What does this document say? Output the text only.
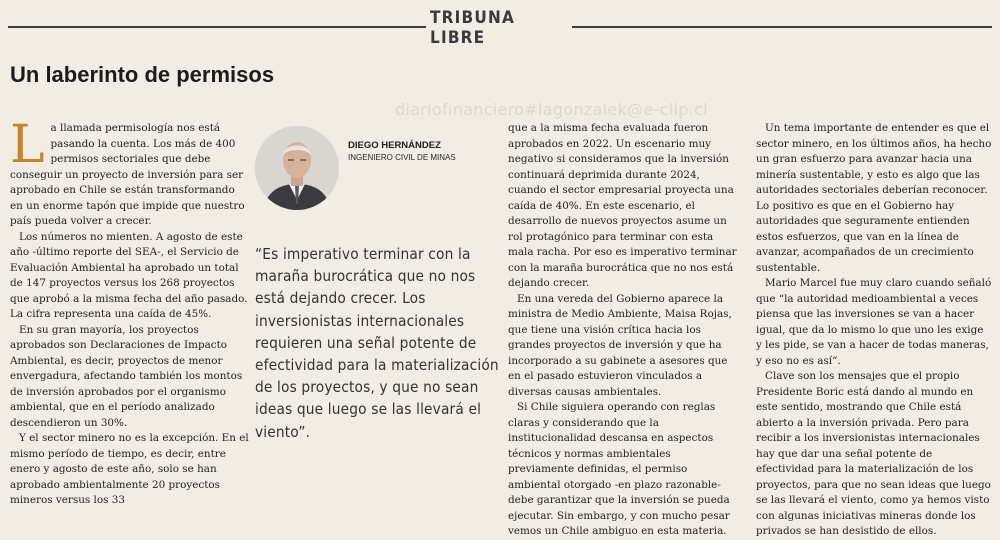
TRIBUNA LIBRE
Un laberinto de permisos
diariofinanciero#lagonzalek@e-clip.cl
L a llamada permisología nos está pasando la cuenta. Los más de 400 permisos sectoriales que debe conseguir un proyecto de inversión para ser aprobado en Chile se están transformando en un enorme tapón que impide que nuestro país pueda volver a crecer.

Los números no mienten. A agosto de este año -último reporte del SEA-, el Servicio de Evaluación Ambiental ha aprobado un total de 147 proyectos versus los 268 proyectos que aprobó a la misma fecha del año pasado. La cifra representa una caída de 45%.

En su gran mayoría, los proyectos aprobados son Declaraciones de Impacto Ambiental, es decir, proyectos de menor envergadura, afectando también los montos de inversión aprobados por el organismo ambiental, que en el período analizado descendieron un 30%.

Y el sector minero no es la excepción. En el mismo período de tiempo, es decir, entre enero y agosto de este año, solo se han aprobado ambientalmente 20 proyectos mineros versus los 33

DIEGO HERNÁNDEZ
INGENIERO CIVIL DE MINAS

“Es imperativo terminar con la maraña burocrática que no nos está dejando crecer. Los inversionistas internacionales requieren una señal potente de efectividad para la materialización de los proyectos, y que no sean ideas que luego se las llevará el viento”.

que a la misma fecha evaluada fueron aprobados en 2022. Un escenario muy negativo si consideramos que la inversión continuará deprimida durante 2024, cuando el sector empresarial proyecta una caída de 40%. En este escenario, el desarrollo de nuevos proyectos asume un rol protagónico para terminar con esta mala racha. Por eso es imperativo terminar con la maraña burocrática que no nos está dejando crecer.

En una vereda del Gobierno aparece la ministra de Medio Ambiente, Maisa Rojas, que tiene una visión crítica hacia los grandes proyectos de inversión y que ha incorporado a su gabinete a asesores que en el pasado estuvieron vinculados a diversas causas ambientales.

Si Chile siguiera operando con reglas claras y considerando que la institucionalidad descansa en aspectos técnicos y normas ambientales previamente definidas, el permiso ambiental otorgado -en plazo razonable- debe garantizar que la inversión se pueda ejecutar. Sin embargo, y con mucho pesar vemos un Chile ambiguo en esta materia.

Un tema importante de entender es que el sector minero, en los últimos años, ha hecho un gran esfuerzo para avanzar hacia una minería sustentable, y esto es algo que las autoridades sectoriales deberían reconocer. Lo positivo es que en el Gobierno hay autoridades que seguramente entienden estos esfuerzos, que van en la línea de avanzar, acompañados de un crecimiento sustentable.

Mario Marcel fue muy claro cuando señaló que “la autoridad medioambiental a veces piensa que las inversiones se van a hacer igual, que da lo mismo lo que uno les exige y les pide, se van a hacer de todas maneras, y eso no es así”.

Clave son los mensajes que el propio Presidente Boric está dando al mundo en este sentido, mostrando que Chile está abierto a la inversión privada. Pero para recibir a los inversionistas internacionales hay que dar una señal potente de efectividad para la materialización de los proyectos, para que no sean ideas que luego se las llevará el viento, como ya hemos visto con algunas iniciativas mineras donde los privados se han desistido de ellos.
